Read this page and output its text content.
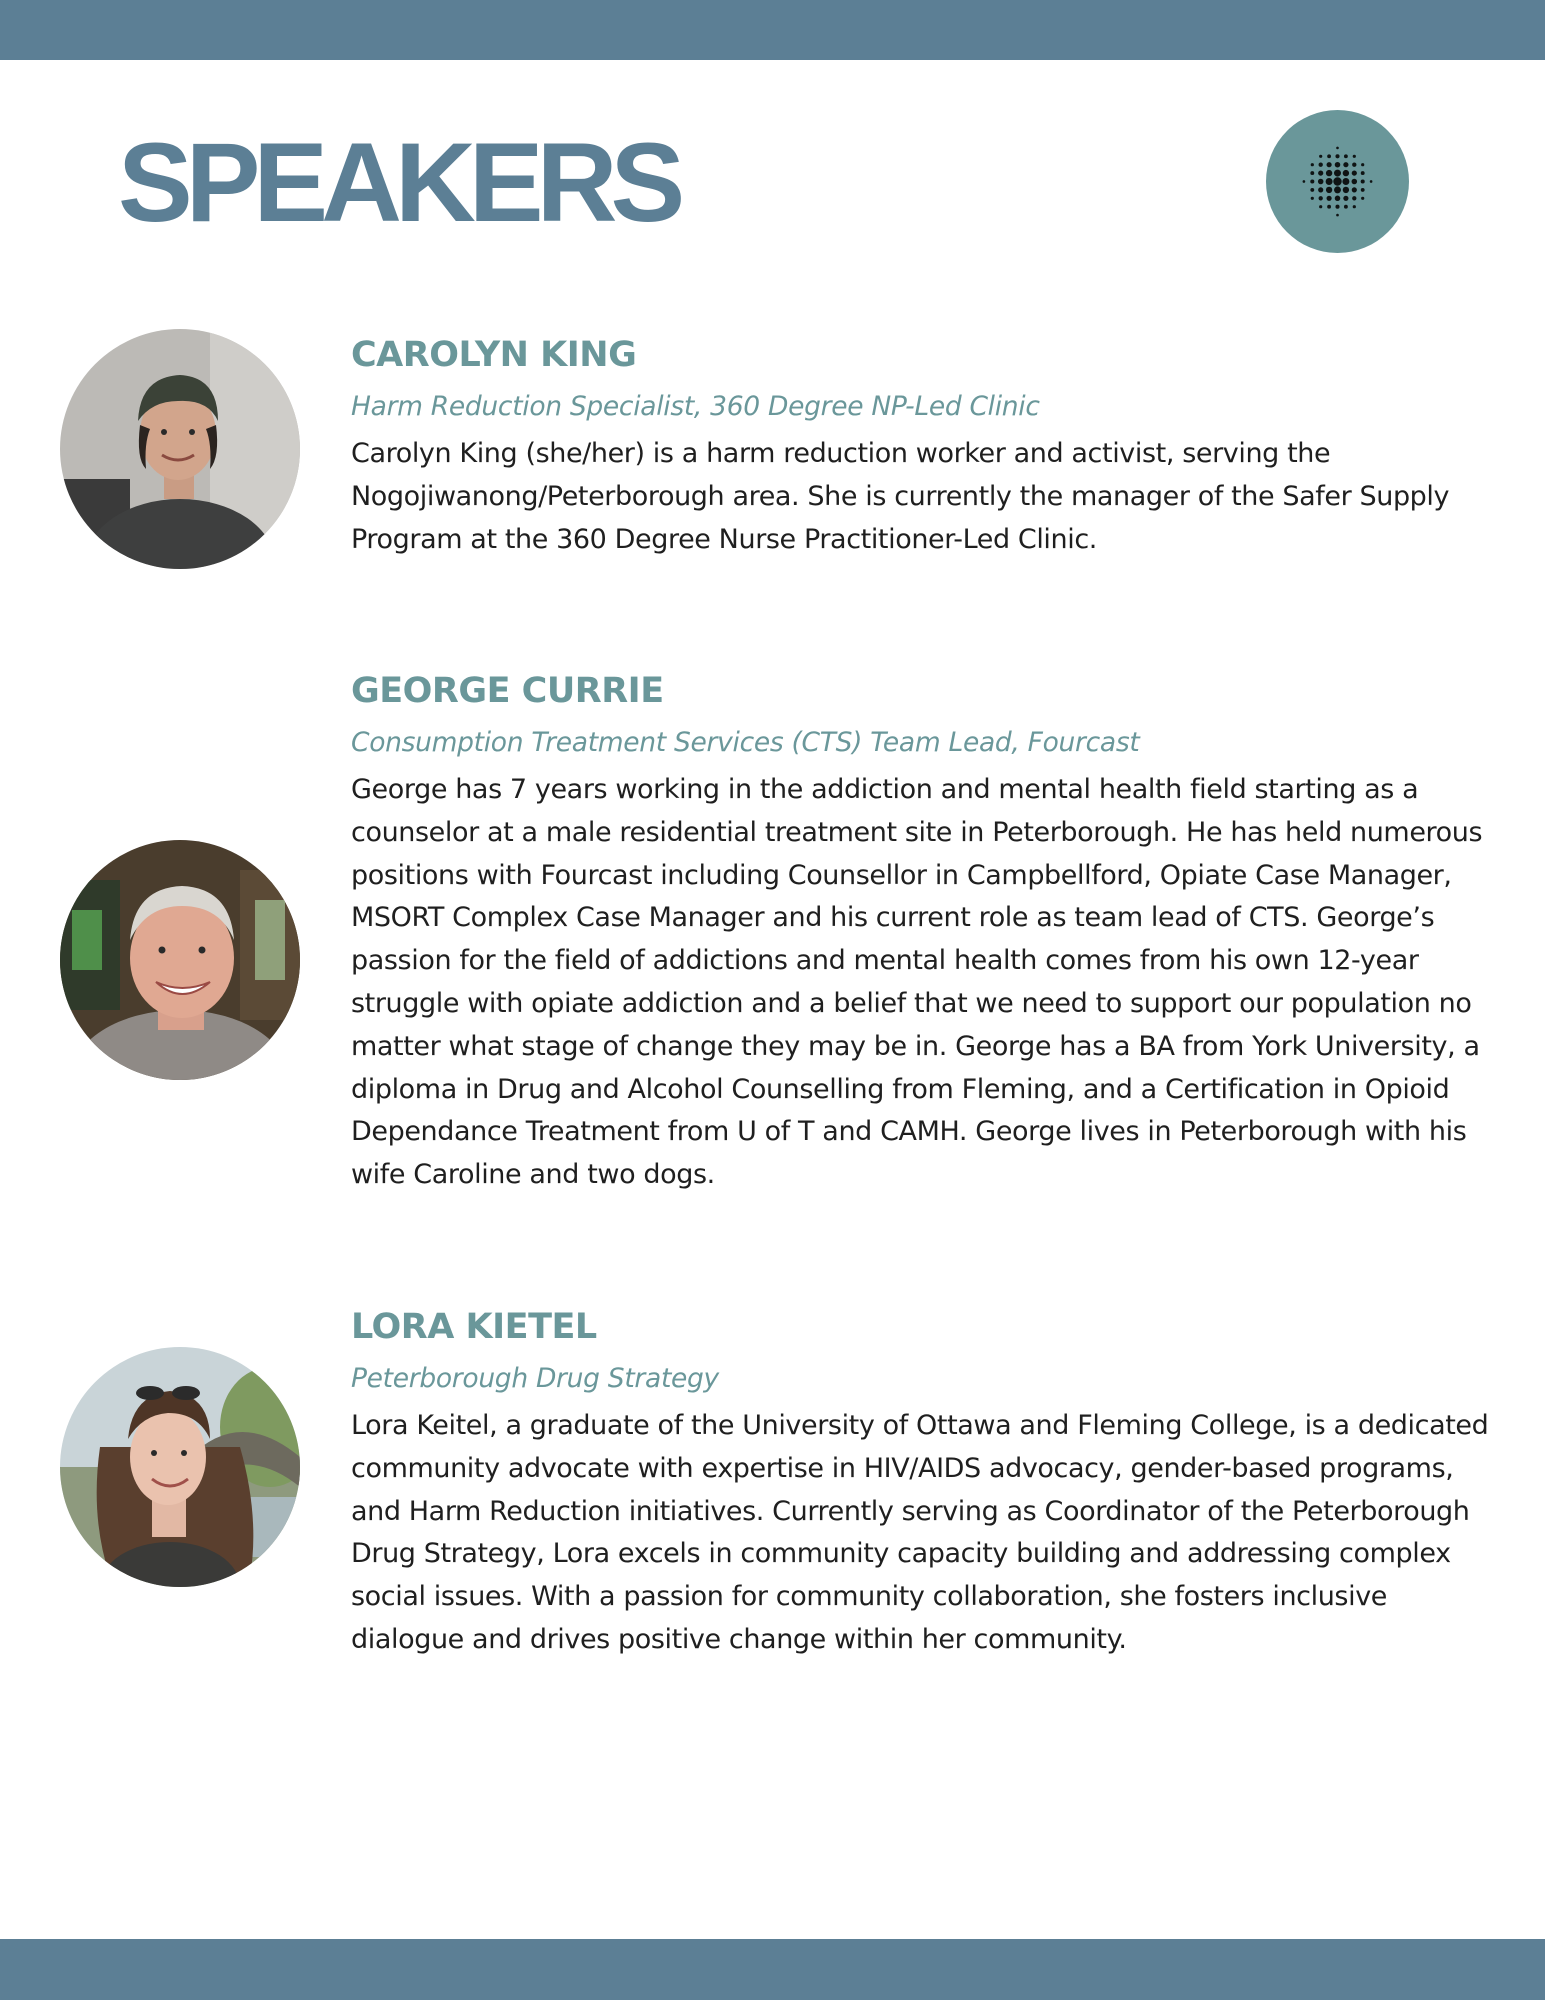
SPEAKERS
CAROLYN KING

Harm Reduction Specialist, 360 Degree NP-Led Clinic

Carolyn King (she/her) is a harm reduction worker and activist, serving the Nogojiwanong/Peterborough area. She is currently the manager of the Safer Supply Program at the 360 Degree Nurse Practitioner-Led Clinic.

GEORGE CURRIE

Consumption Treatment Services (CTS) Team Lead, Fourcast

George has 7 years working in the addiction and mental health field starting as a counselor at a male residential treatment site in Peterborough. He has held numerous positions with Fourcast including Counsellor in Campbellford, Opiate Case Manager, MSORT Complex Case Manager and his current role as team lead of CTS. George’s passion for the field of addictions and mental health comes from his own 12-year struggle with opiate addiction and a belief that we need to support our population no matter what stage of change they may be in. George has a BA from York University, a diploma in Drug and Alcohol Counselling from Fleming, and a Certification in Opioid Dependance Treatment from U of T and CAMH. George lives in Peterborough with his wife Caroline and two dogs.

LORA KIETEL

Peterborough Drug Strategy

Lora Keitel, a graduate of the University of Ottawa and Fleming College, is a dedicated community advocate with expertise in HIV/AIDS advocacy, gender-based programs, and Harm Reduction initiatives. Currently serving as Coordinator of the Peterborough Drug Strategy, Lora excels in community capacity building and addressing complex social issues. With a passion for community collaboration, she fosters inclusive dialogue and drives positive change within her community.
